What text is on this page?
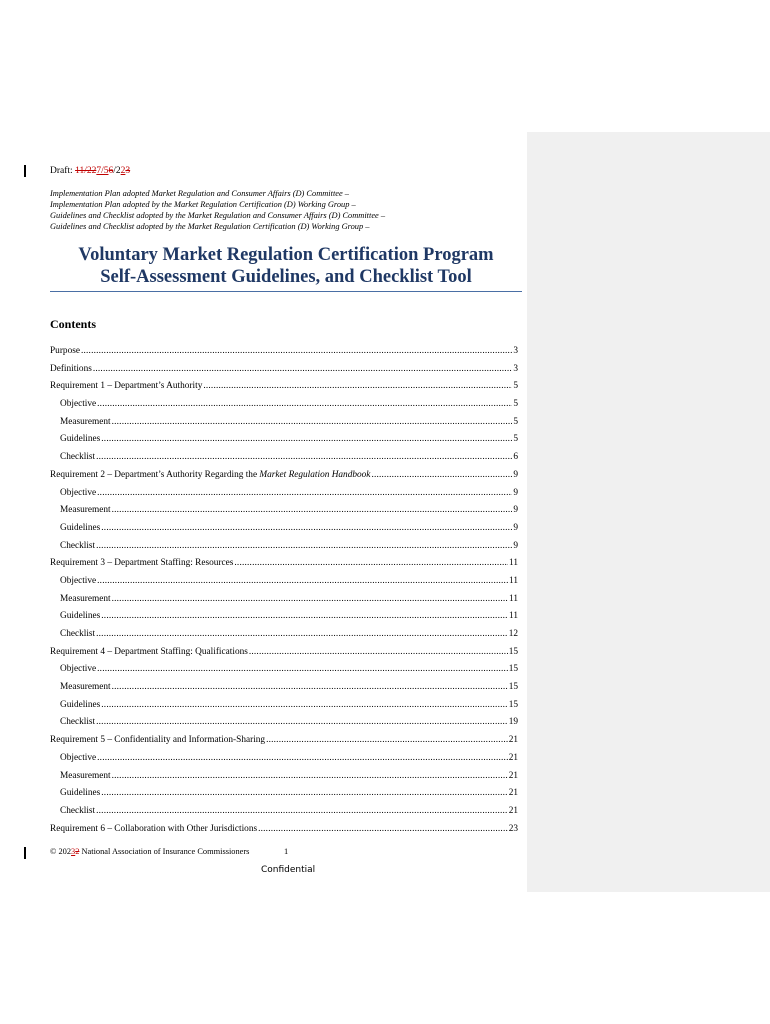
Draft: 11/227/56/223
Implementation Plan adopted Market Regulation and Consumer Affairs (D) Committee –
Implementation Plan adopted by the Market Regulation Certification (D) Working Group –
Guidelines and Checklist adopted by the Market Regulation and Consumer Affairs (D) Committee –
Guidelines and Checklist adopted by the Market Regulation Certification (D) Working Group –
Voluntary Market Regulation Certification Program
Self-Assessment Guidelines, and Checklist Tool
Contents
Purpose .....	3
Definitions .....	3
Requirement 1 – Department’s Authority .....	5
Objective .....	5
Measurement .....	5
Guidelines .....	5
Checklist .....	6
Requirement 2 – Department’s Authority Regarding the Market Regulation Handbook .....	9
Objective .....	9
Measurement .....	9
Guidelines .....	9
Checklist .....	9
Requirement 3 – Department Staffing: Resources .....	11
Objective .....	11
Measurement .....	11
Guidelines .....	11
Checklist .....	12
Requirement 4 – Department Staffing: Qualifications .....	15
Objective .....	15
Measurement .....	15
Guidelines .....	15
Checklist .....	19
Requirement 5 – Confidentiality and Information-Sharing .....	21
Objective .....	21
Measurement .....	21
Guidelines .....	21
Checklist .....	21
Requirement 6 – Collaboration with Other Jurisdictions .....	23
© 20232 National Association of Insurance Commissioners	1
Confidential
